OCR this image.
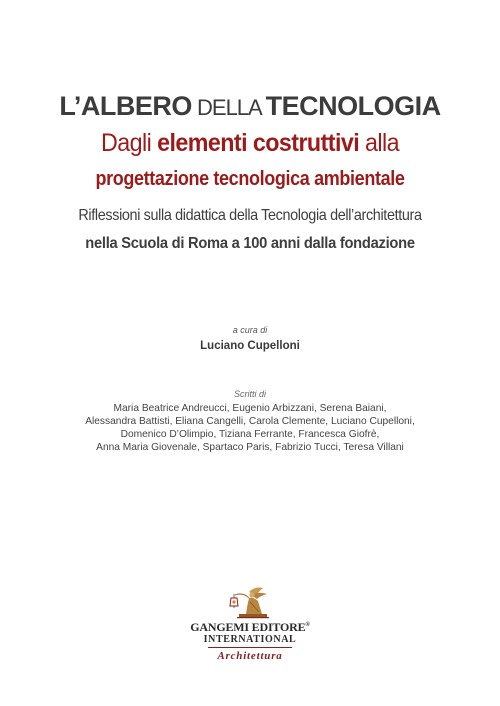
L’ALBERO DELLA TECNOLOGIA
Dagli elementi costruttivi alla
progettazione tecnologica ambientale
Riflessioni sulla didattica della Tecnologia dell’architettura
nella Scuola di Roma a 100 anni dalla fondazione
a cura di
Luciano Cupelloni
Scritti di
Maria Beatrice Andreucci, Eugenio Arbizzani, Serena Baiani,
Alessandra Battisti, Eliana Cangelli, Carola Clemente, Luciano Cupelloni,
Domenico D’Olimpio, Tiziana Ferrante, Francesca Giofrè,
Anna Maria Giovenale, Spartaco Paris, Fabrizio Tucci, Teresa Villani
GANGEMI EDITORE®
INTERNATIONAL
Architettura
